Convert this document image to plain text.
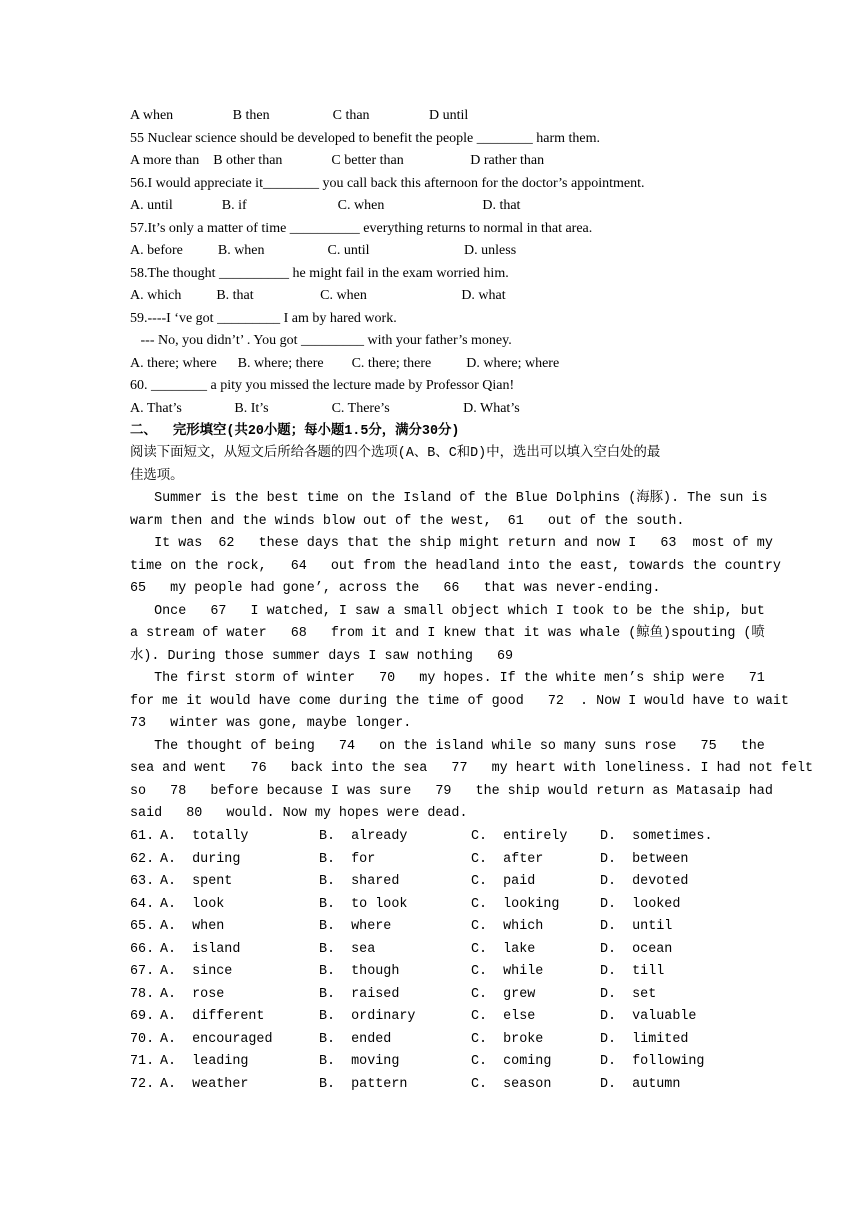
A when                 B then                  C than                 D until
55 Nuclear science should be developed to benefit the people ________ harm them.
A more than    B other than              C better than                   D rather than
56.I would appreciate it________ you call back this afternoon for the doctor’s appointment.
A. until              B. if                          C. when                            D. that
57.It’s only a matter of time __________ everything returns to normal in that area.
A. before          B. when                  C. until                           D. unless
58.The thought __________ he might fail in the exam worried him.
A. which          B. that                   C. when                           D. what
59.----I ‘ve got _________ I am by hared work.
--- No, you didn’t’ . You got _________ with your father’s money.
A. there; where      B. where; there        C. there; there          D. where; where
60. ________ a pity you missed the lecture made by Professor Qian!
A. That’s               B. It’s                  C. There’s                     D. What’s
二、  完形填空(共20小题；每小题1.5分，满分30分)
阅读下面短文，从短文后所给各题的四个选项(A、B、C和D)中，选出可以填入空白处的最
佳选项。
Summer is the best time on the Island of the Blue Dolphins (海豚). The sun is
warm then and the winds blow out of the west,  61   out of the south.
It was  62   these days that the ship might return and now I   63  most of my
time on the rock,   64   out from the headland into the east, towards the country
65   my people had gone’, across the   66   that was never-ending.
Once   67   I watched, I saw a small object which I took to be the ship, but
a stream of water   68   from it and I knew that it was whale (鲸鱼)spouting (喷
水). During those summer days I saw nothing   69
The first storm of winter   70   my hopes. If the white men’s ship were   71
for me it would have come during the time of good   72  . Now I would have to wait
73   winter was gone, maybe longer.
The thought of being   74   on the island while so many suns rose   75   the
sea and went   76   back into the sea   77   my heart with loneliness. I had not felt
so   78   before because I was sure   79   the ship would return as Matasaip had
said   80   would. Now my hopes were dead.
61. A.  totally	B.  already	C.  entirely D.  sometimes.
62. A.  during	B.  for	C.  after	D.  between
63. A.  spent	B.  shared	C.  paid	D.  devoted
64. A.  look	B.  to look	C.  looking	D.  looked
65. A.  when	B.  where	C.  which	D.  until
66. A.  island	B.  sea	C.  lake	D.  ocean
67. A.  since	B.  though	C.  while	D.  till
78. A.  rose	B.  raised	C.  grew	D.  set
69. A.  different	B.  ordinary	C.  else	D.  valuable
70. A.  encouraged	B.  ended	C.  broke	D.  limited
71. A.  leading	B.  moving	C.  coming	D.  following
72. A.  weather	B.  pattern	C.  season	D.  autumn
